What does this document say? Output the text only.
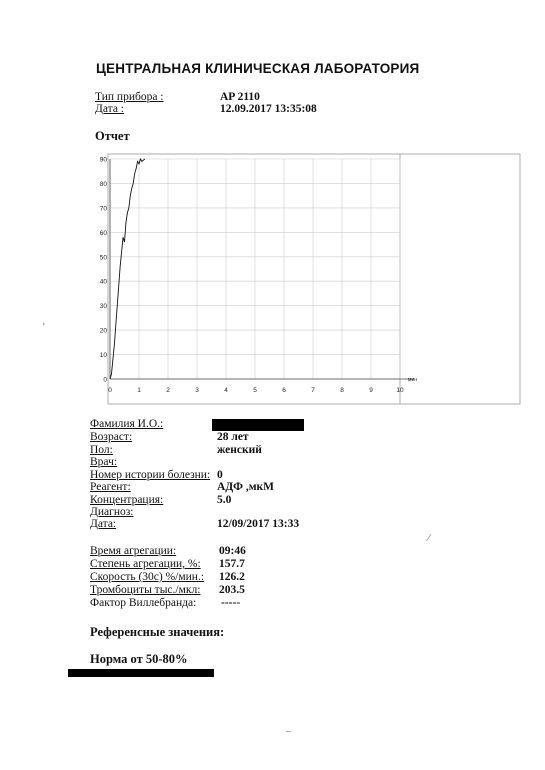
ЦЕНТРАЛЬНАЯ КЛИНИЧЕСКАЯ ЛАБОРАТОРИЯ
Тип прибора :	AP 2110
Дата :	12.09.2017 13:35:08
Отчет
0	1	2	3	4	5	6	7	8	9	10
0
10
20
30
40
50
60
70
80
90
мин
Фамилия И.О.:
Возраст:	28 лет
Пол:	женский
Врач:
Номер истории болезни: 0
Реагент:	АДФ ,мкМ
Концентрация:	5.0
Диагноз:
Дата:	12/09/2017 13:33
Время агрегации:	09:46
Степень агрегации, %: 157.7
Скорость (30с) %/мин.: 126.2
Тромбоциты тыс./мкл: 203.5
Фактор Виллебранда: -----
Референсные значения:
Норма от 50-80%
'
⁄
–
